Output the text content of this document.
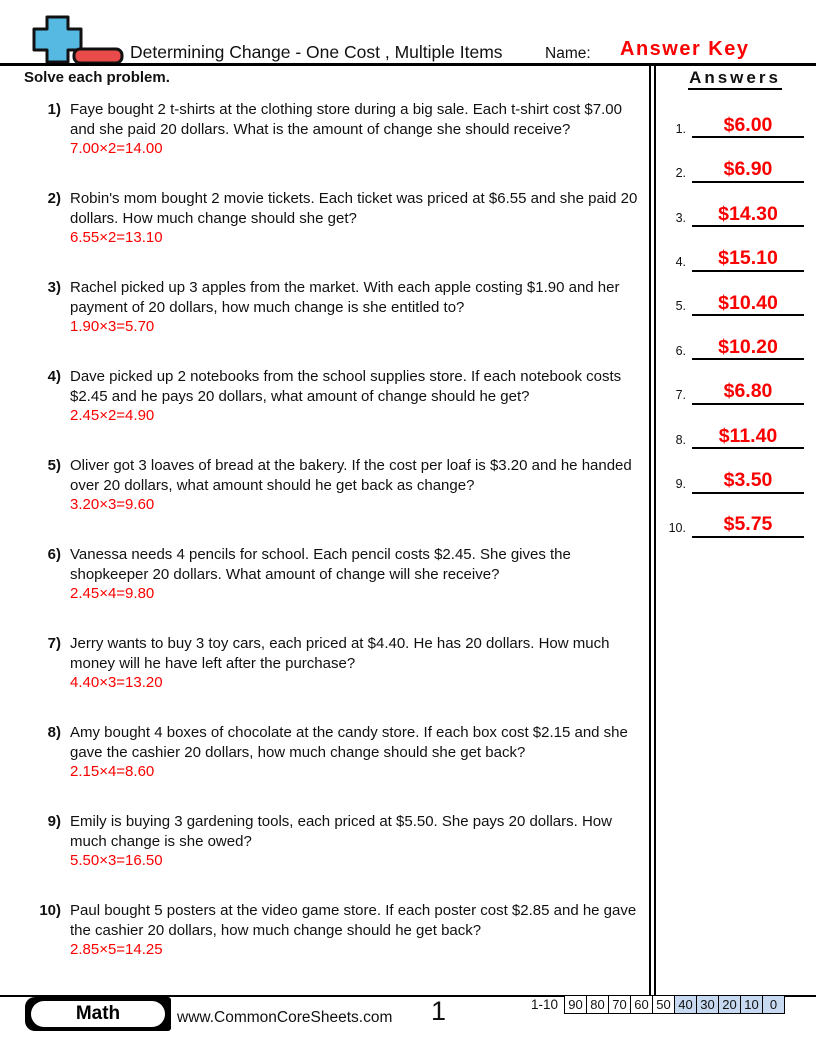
Determining Change - One Cost , Multiple Items	Name: Answer Key
Solve each problem.
1) Faye bought 2 t-shirts at the clothing store during a big sale. Each t-shirt cost $7.00 and she paid 20 dollars. What is the amount of change she should receive?
7.00×2=14.00
2) Robin's mom bought 2 movie tickets. Each ticket was priced at $6.55 and she paid 20 dollars. How much change should she get?
6.55×2=13.10
3) Rachel picked up 3 apples from the market. With each apple costing $1.90 and her payment of 20 dollars, how much change is she entitled to?
1.90×3=5.70
4) Dave picked up 2 notebooks from the school supplies store. If each notebook costs $2.45 and he pays 20 dollars, what amount of change should he get?
2.45×2=4.90
5) Oliver got 3 loaves of bread at the bakery. If the cost per loaf is $3.20 and he handed over 20 dollars, what amount should he get back as change?
3.20×3=9.60
6) Vanessa needs 4 pencils for school. Each pencil costs $2.45. She gives the shopkeeper 20 dollars. What amount of change will she receive?
2.45×4=9.80
7) Jerry wants to buy 3 toy cars, each priced at $4.40. He has 20 dollars. How much money will he have left after the purchase?
4.40×3=13.20
8) Amy bought 4 boxes of chocolate at the candy store. If each box cost $2.15 and she gave the cashier 20 dollars, how much change should she get back?
2.15×4=8.60
9) Emily is buying 3 gardening tools, each priced at $5.50. She pays 20 dollars. How much change is she owed?
5.50×3=16.50
10) Paul bought 5 posters at the video game store. If each poster cost $2.85 and he gave the cashier 20 dollars, how much change should he get back?
2.85×5=14.25
Answers
1.	$6.00
2.	$6.90
3.	$14.30
4.	$15.10
5.	$10.40
6.	$10.20
7.	$6.80
8.	$11.40
9.	$3.50
10.	$5.75
Math	www.CommonCoreSheets.com 1	1-10 90 80 70 60 50 40 30 20 10 0
